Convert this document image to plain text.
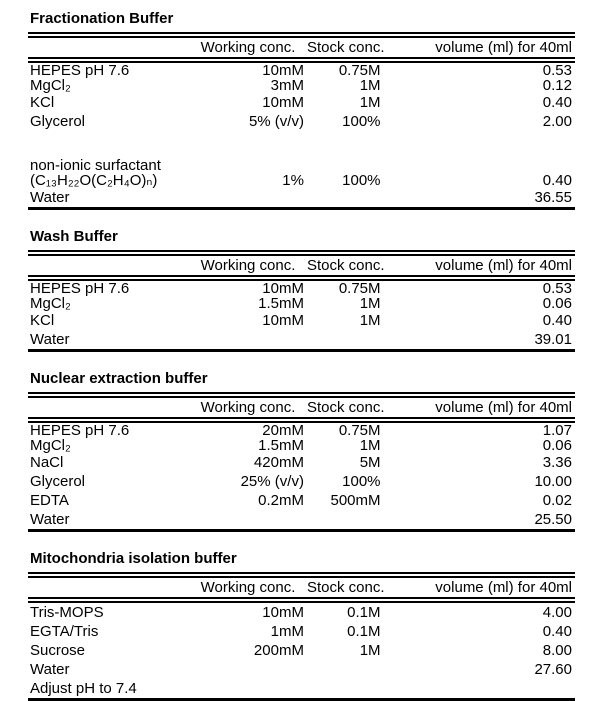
Fractionation Buffer
	Working conc.	Stock conc.	volume (ml) for 40ml
HEPES pH 7.6	10mM	0.75M	0.53
MgCl₂	3mM	1M	0.12
KCl	10mM	1M	0.40
Glycerol	5% (v/v)	100%	2.00

non-ionic surfactant			
(C₁₃H₂₂O(C₂H₄O)ₙ)	1%	100%	0.40
Water			36.55
Wash Buffer
	Working conc.	Stock conc.	volume (ml) for 40ml
HEPES pH 7.6	10mM	0.75M	0.53
MgCl₂	1.5mM	1M	0.06
KCl	10mM	1M	0.40
Water			39.01
Nuclear extraction buffer
	Working conc.	Stock conc.	volume (ml) for 40ml
HEPES pH 7.6	20mM	0.75M	1.07
MgCl₂	1.5mM	1M	0.06
NaCl	420mM	5M	3.36
Glycerol	25% (v/v)	100%	10.00
EDTA	0.2mM	500mM	0.02
Water			25.50
Mitochondria isolation buffer
	Working conc.	Stock conc.	volume (ml) for 40ml
Tris-MOPS	10mM	0.1M	4.00
EGTA/Tris	1mM	0.1M	0.40
Sucrose	200mM	1M	8.00
Water			27.60
Adjust pH to 7.4			
